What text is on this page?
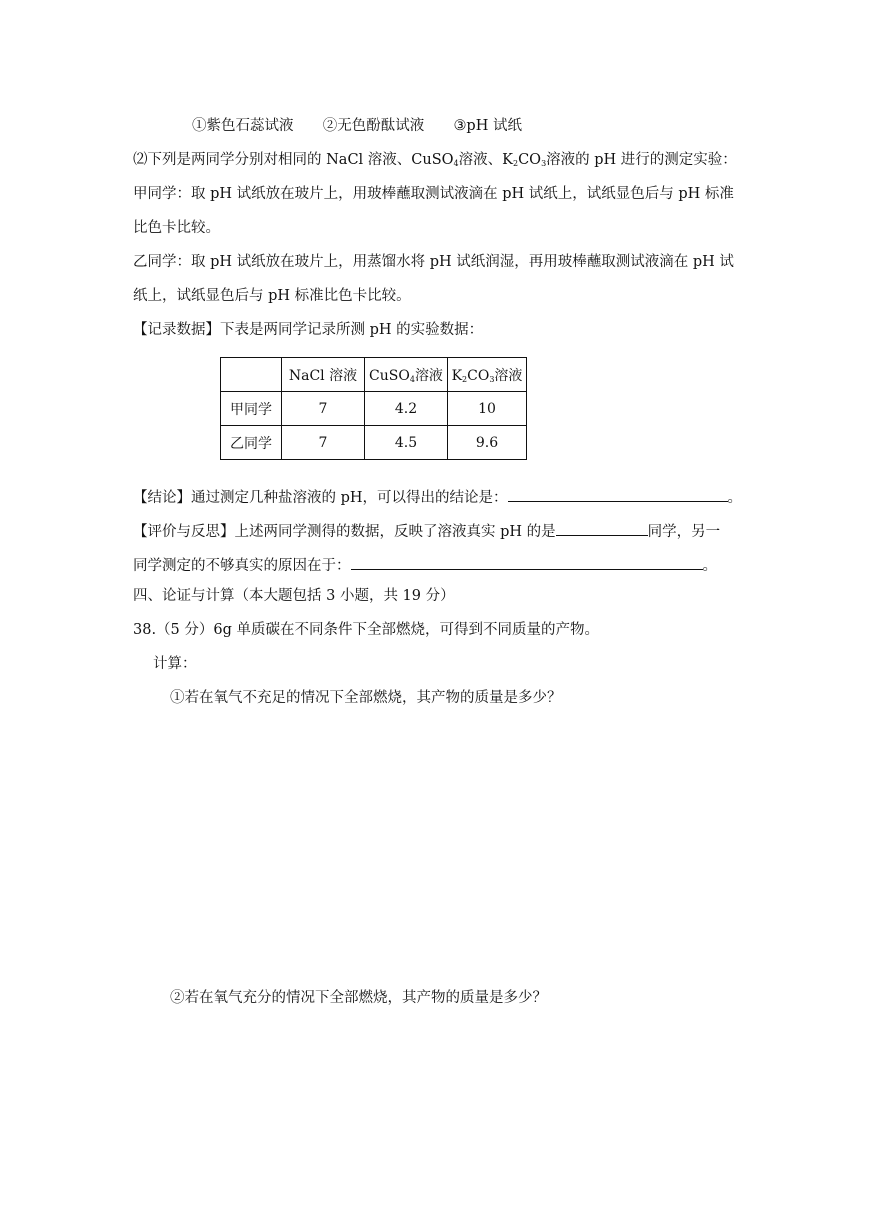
①紫色石蕊试液 ②无色酚酞试液 ③pH 试纸
⑵下列是两同学分别对相同的 NaCl 溶液、CuSO$_4$溶液、$K_2CO_3$溶液的 pH 进行的测定实验：
甲同学：取 pH 试纸放在玻片上，用玻棒蘸取测试液滴在 pH 试纸上，试纸显色后与 pH 标准
比色卡比较。
乙同学：取 pH 试纸放在玻片上，用蒸馏水将 pH 试纸润湿，再用玻棒蘸取测试液滴在 pH 试
纸上，试纸显色后与 pH 标准比色卡比较。
【记录数据】下表是两同学记录所测 pH 的实验数据：
	NaCl 溶液	CuSO$_4$溶液	$K_2CO_3$溶液
甲同学	7	4.2	10
乙同学	7	4.5	9.6
【结论】通过测定几种盐溶液的 pH，可以得出的结论是：	。
【评价与反思】上述两同学测得的数据，反映了溶液真实 pH 的是	同学，另一
同学测定的不够真实的原因在于：	。
四、论证与计算（本大题包括 3 小题，共 19 分）
38.（5 分）6g 单质碳在不同条件下全部燃烧，可得到不同质量的产物。
计算：
①若在氧气不充足的情况下全部燃烧，其产物的质量是多少？
②若在氧气充分的情况下全部燃烧，其产物的质量是多少？
